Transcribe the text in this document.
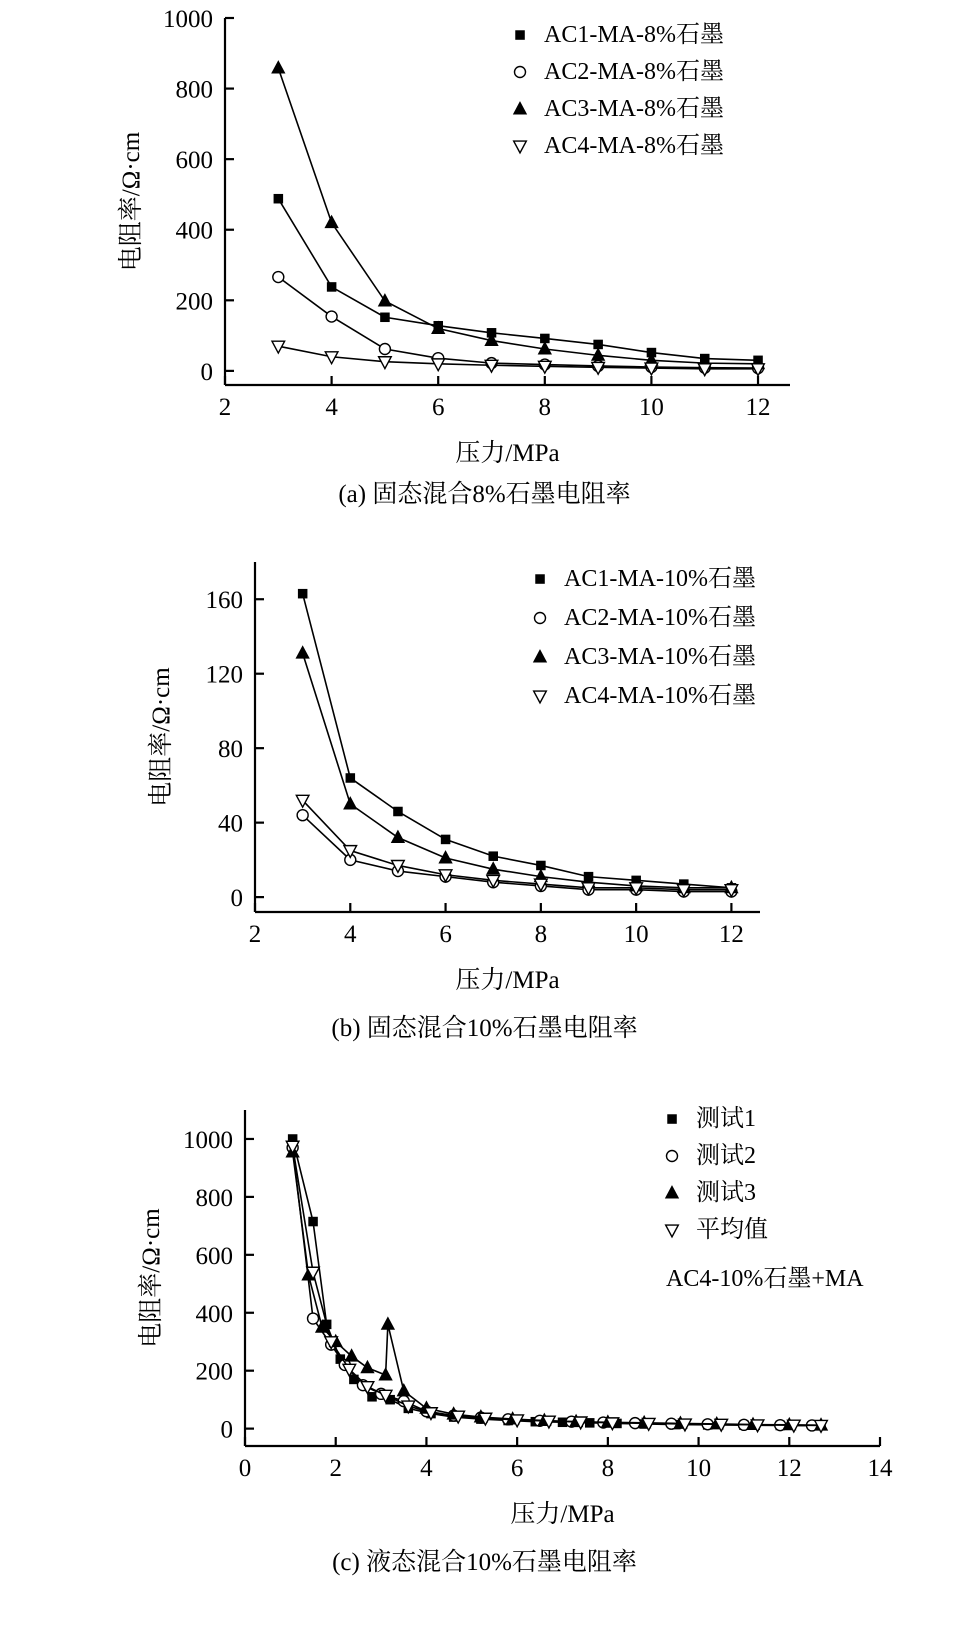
2	4	6	8	10	12
0
200
400
600
800
1000
压力/MPa
电阻率/Ω·cm
AC1-MA-8%石墨
AC2-MA-8%石墨
AC3-MA-8%石墨
AC4-MA-8%石墨
(a) 固态混合8%石墨电阻率
2	4	6	8	10	12
0
40
80
120
160
压力/MPa
电阻率/Ω·cm
AC1-MA-10%石墨
AC2-MA-10%石墨
AC3-MA-10%石墨
AC4-MA-10%石墨
(b) 固态混合10%石墨电阻率
0	2	4	6	8	10	12	14
0
200
400
600
800
1000
压力/MPa
电阻率/Ω·cm
测试1
测试2
测试3
平均值
AC4-10%石墨+MA
(c) 液态混合10%石墨电阻率
